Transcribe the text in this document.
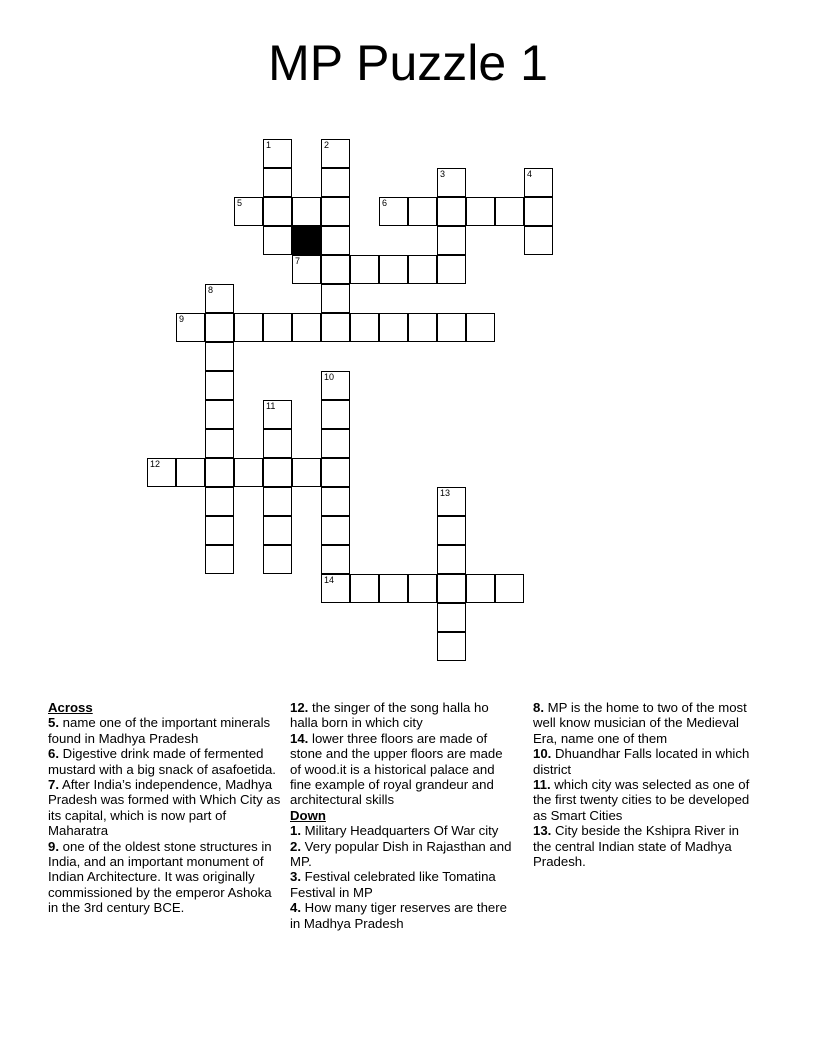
MP Puzzle 1
1	2
3	4
5	6
7
8
9
10
11
12
13
14
Across
5. name one of the important minerals found in Madhya Pradesh
6. Digestive drink made of fermented mustard with a big snack of asafoetida.
7. After India’s independence, Madhya Pradesh was formed with Which City as its capital, which is now part of Maharatra
9. one of the oldest stone structures in India, and an important monument of Indian Architecture. It was originally commissioned by the emperor Ashoka in the 3rd century BCE.
12. the singer of the song halla ho halla born in which city
14. lower three floors are made of stone and the upper floors are made of wood.it is a historical palace and fine example of royal grandeur and architectural skills
Down
1. Military Headquarters Of War city
2. Very popular Dish in Rajasthan and MP.
3. Festival celebrated like Tomatina Festival in MP
4. How many tiger reserves are there in Madhya Pradesh
8. MP is the home to two of the most well know musician of the Medieval Era, name one of them
10. Dhuandhar Falls located in which district
11. which city was selected as one of the first twenty cities to be developed as Smart Cities
13. City beside the Kshipra River in the central Indian state of Madhya Pradesh.
